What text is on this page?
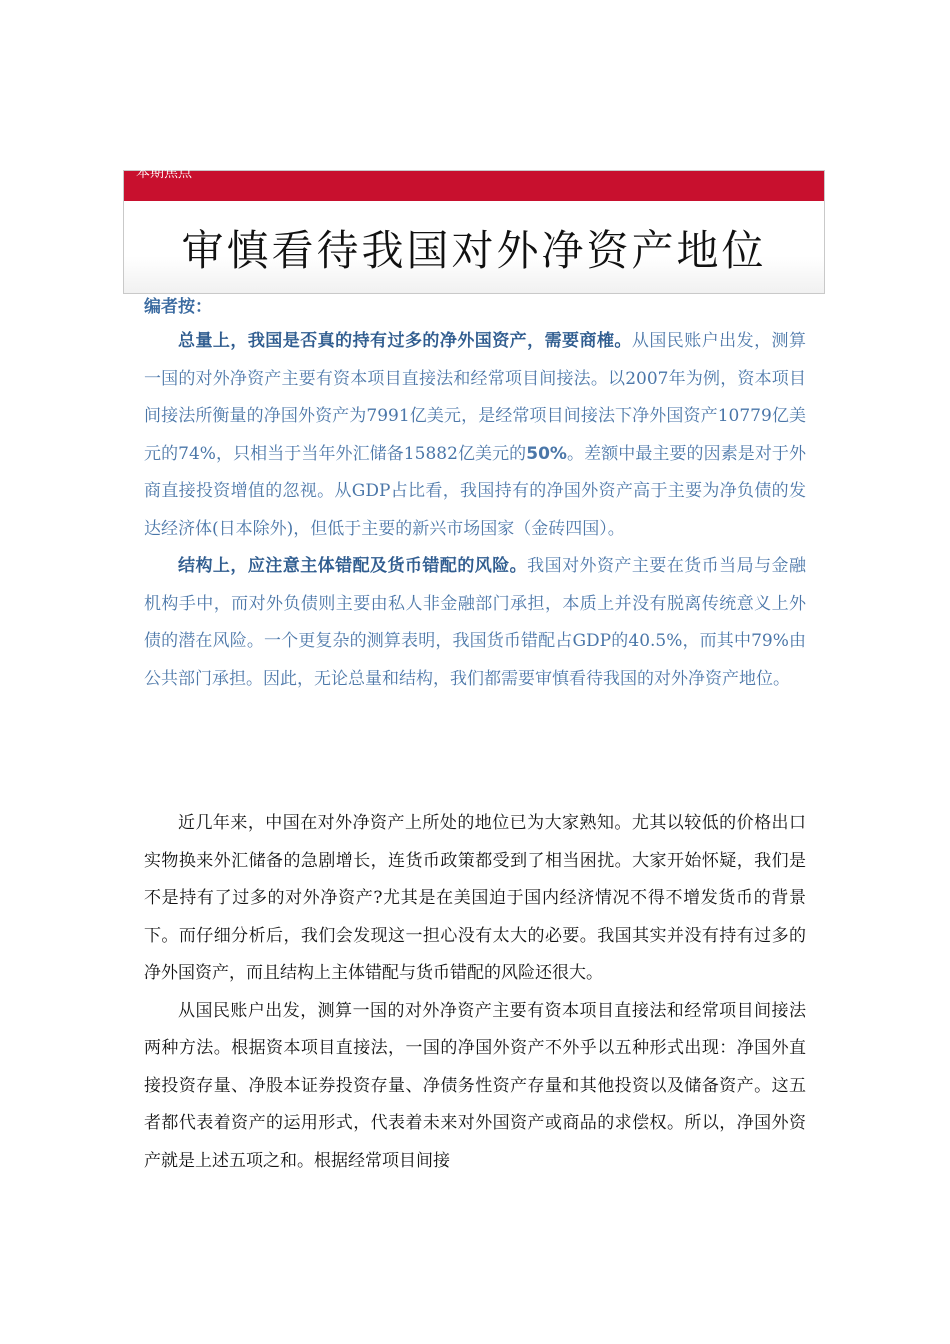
审慎看待我国对外净资产地位
本期焦点
编者按：

总量上，我国是否真的持有过多的净外国资产，需要商榷。从国民账户出发，测算一国的对外净资产主要有资本项目直接法和经常项目间接法。以2007年为例，资本项目间接法所衡量的净国外资产为7991亿美元，是经常项目间接法下净外国资产10779亿美元的74%，只相当于当年外汇储备15882亿美元的50%。差额中最主要的因素是对于外商直接投资增值的忽视。从GDP占比看，我国持有的净国外资产高于主要为净负债的发达经济体(日本除外)，但低于主要的新兴市场国家（金砖四国）。

结构上，应注意主体错配及货币错配的风险。我国对外资产主要在货币当局与金融机构手中，而对外负债则主要由私人非金融部门承担，本质上并没有脱离传统意义上外债的潜在风险。一个更复杂的测算表明，我国货币错配占GDP的40.5%，而其中79%由公共部门承担。因此，无论总量和结构，我们都需要审慎看待我国的对外净资产地位。

近几年来，中国在对外净资产上所处的地位已为大家熟知。尤其以较低的价格出口实物换来外汇储备的急剧增长，连货币政策都受到了相当困扰。大家开始怀疑，我们是不是持有了过多的对外净资产?尤其是在美国迫于国内经济情况不得不增发货币的背景下。而仔细分析后，我们会发现这一担心没有太大的必要。我国其实并没有持有过多的净外国资产，而且结构上主体错配与货币错配的风险还很大。

从国民账户出发，测算一国的对外净资产主要有资本项目直接法和经常项目间接法两种方法。根据资本项目直接法，一国的净国外资产不外乎以五种形式出现：净国外直接投资存量、净股本证券投资存量、净债务性资产存量和其他投资以及储备资产。这五者都代表着资产的运用形式，代表着未来对外国资产或商品的求偿权。所以，净国外资产就是上述五项之和。根据经常项目间接
